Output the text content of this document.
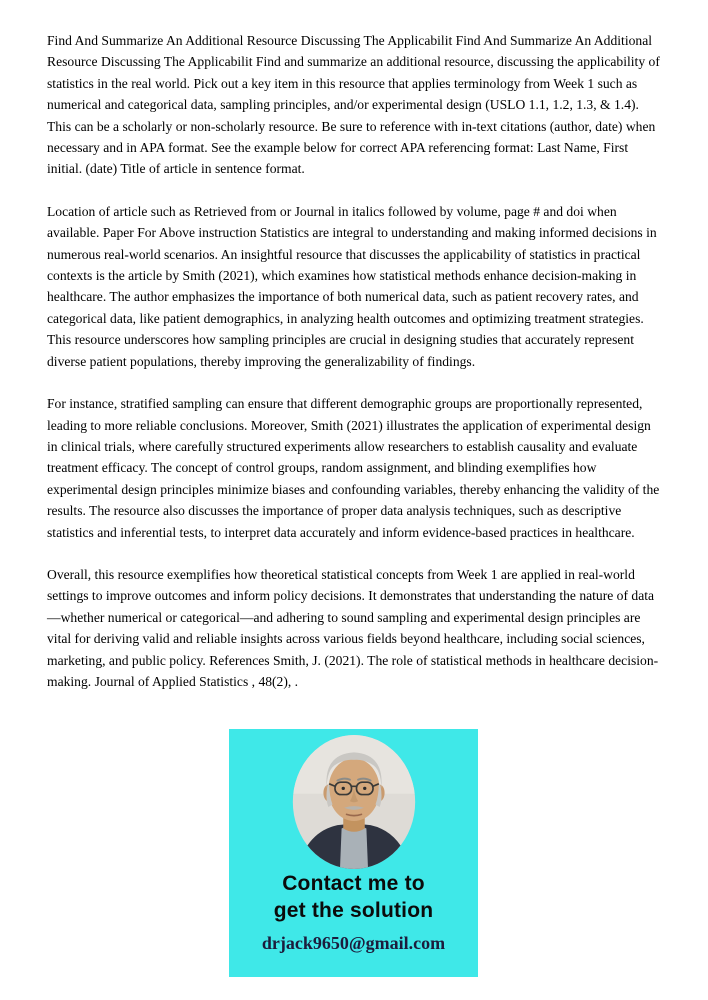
Find And Summarize An Additional Resource Discussing The Applicabilit Find And Summarize An Additional Resource Discussing The Applicabilit Find and summarize an additional resource, discussing the applicability of statistics in the real world. Pick out a key item in this resource that applies terminology from Week 1 such as numerical and categorical data, sampling principles, and/or experimental design (USLO 1.1, 1.2, 1.3, & 1.4). This can be a scholarly or non-scholarly resource. Be sure to reference with in-text citations (author, date) when necessary and in APA format. See the example below for correct APA referencing format: Last Name, First initial. (date) Title of article in sentence format.

Location of article such as Retrieved from or Journal in italics followed by volume, page # and doi when available. Paper For Above instruction Statistics are integral to understanding and making informed decisions in numerous real-world scenarios. An insightful resource that discusses the applicability of statistics in practical contexts is the article by Smith (2021), which examines how statistical methods enhance decision-making in healthcare. The author emphasizes the importance of both numerical data, such as patient recovery rates, and categorical data, like patient demographics, in analyzing health outcomes and optimizing treatment strategies. This resource underscores how sampling principles are crucial in designing studies that accurately represent diverse patient populations, thereby improving the generalizability of findings.

For instance, stratified sampling can ensure that different demographic groups are proportionally represented, leading to more reliable conclusions. Moreover, Smith (2021) illustrates the application of experimental design in clinical trials, where carefully structured experiments allow researchers to establish causality and evaluate treatment efficacy. The concept of control groups, random assignment, and blinding exemplifies how experimental design principles minimize biases and confounding variables, thereby enhancing the validity of the results. The resource also discusses the importance of proper data analysis techniques, such as descriptive statistics and inferential tests, to interpret data accurately and inform evidence-based practices in healthcare.

Overall, this resource exemplifies how theoretical statistical concepts from Week 1 are applied in real-world settings to improve outcomes and inform policy decisions. It demonstrates that understanding the nature of data—whether numerical or categorical—and adhering to sound sampling and experimental design principles are vital for deriving valid and reliable insights across various fields beyond healthcare, including social sciences, marketing, and public policy. References Smith, J. (2021). The role of statistical methods in healthcare decision-making. Journal of Applied Statistics , 48(2), .

Contact me to
get the solution
drjack9650@gmail.com
